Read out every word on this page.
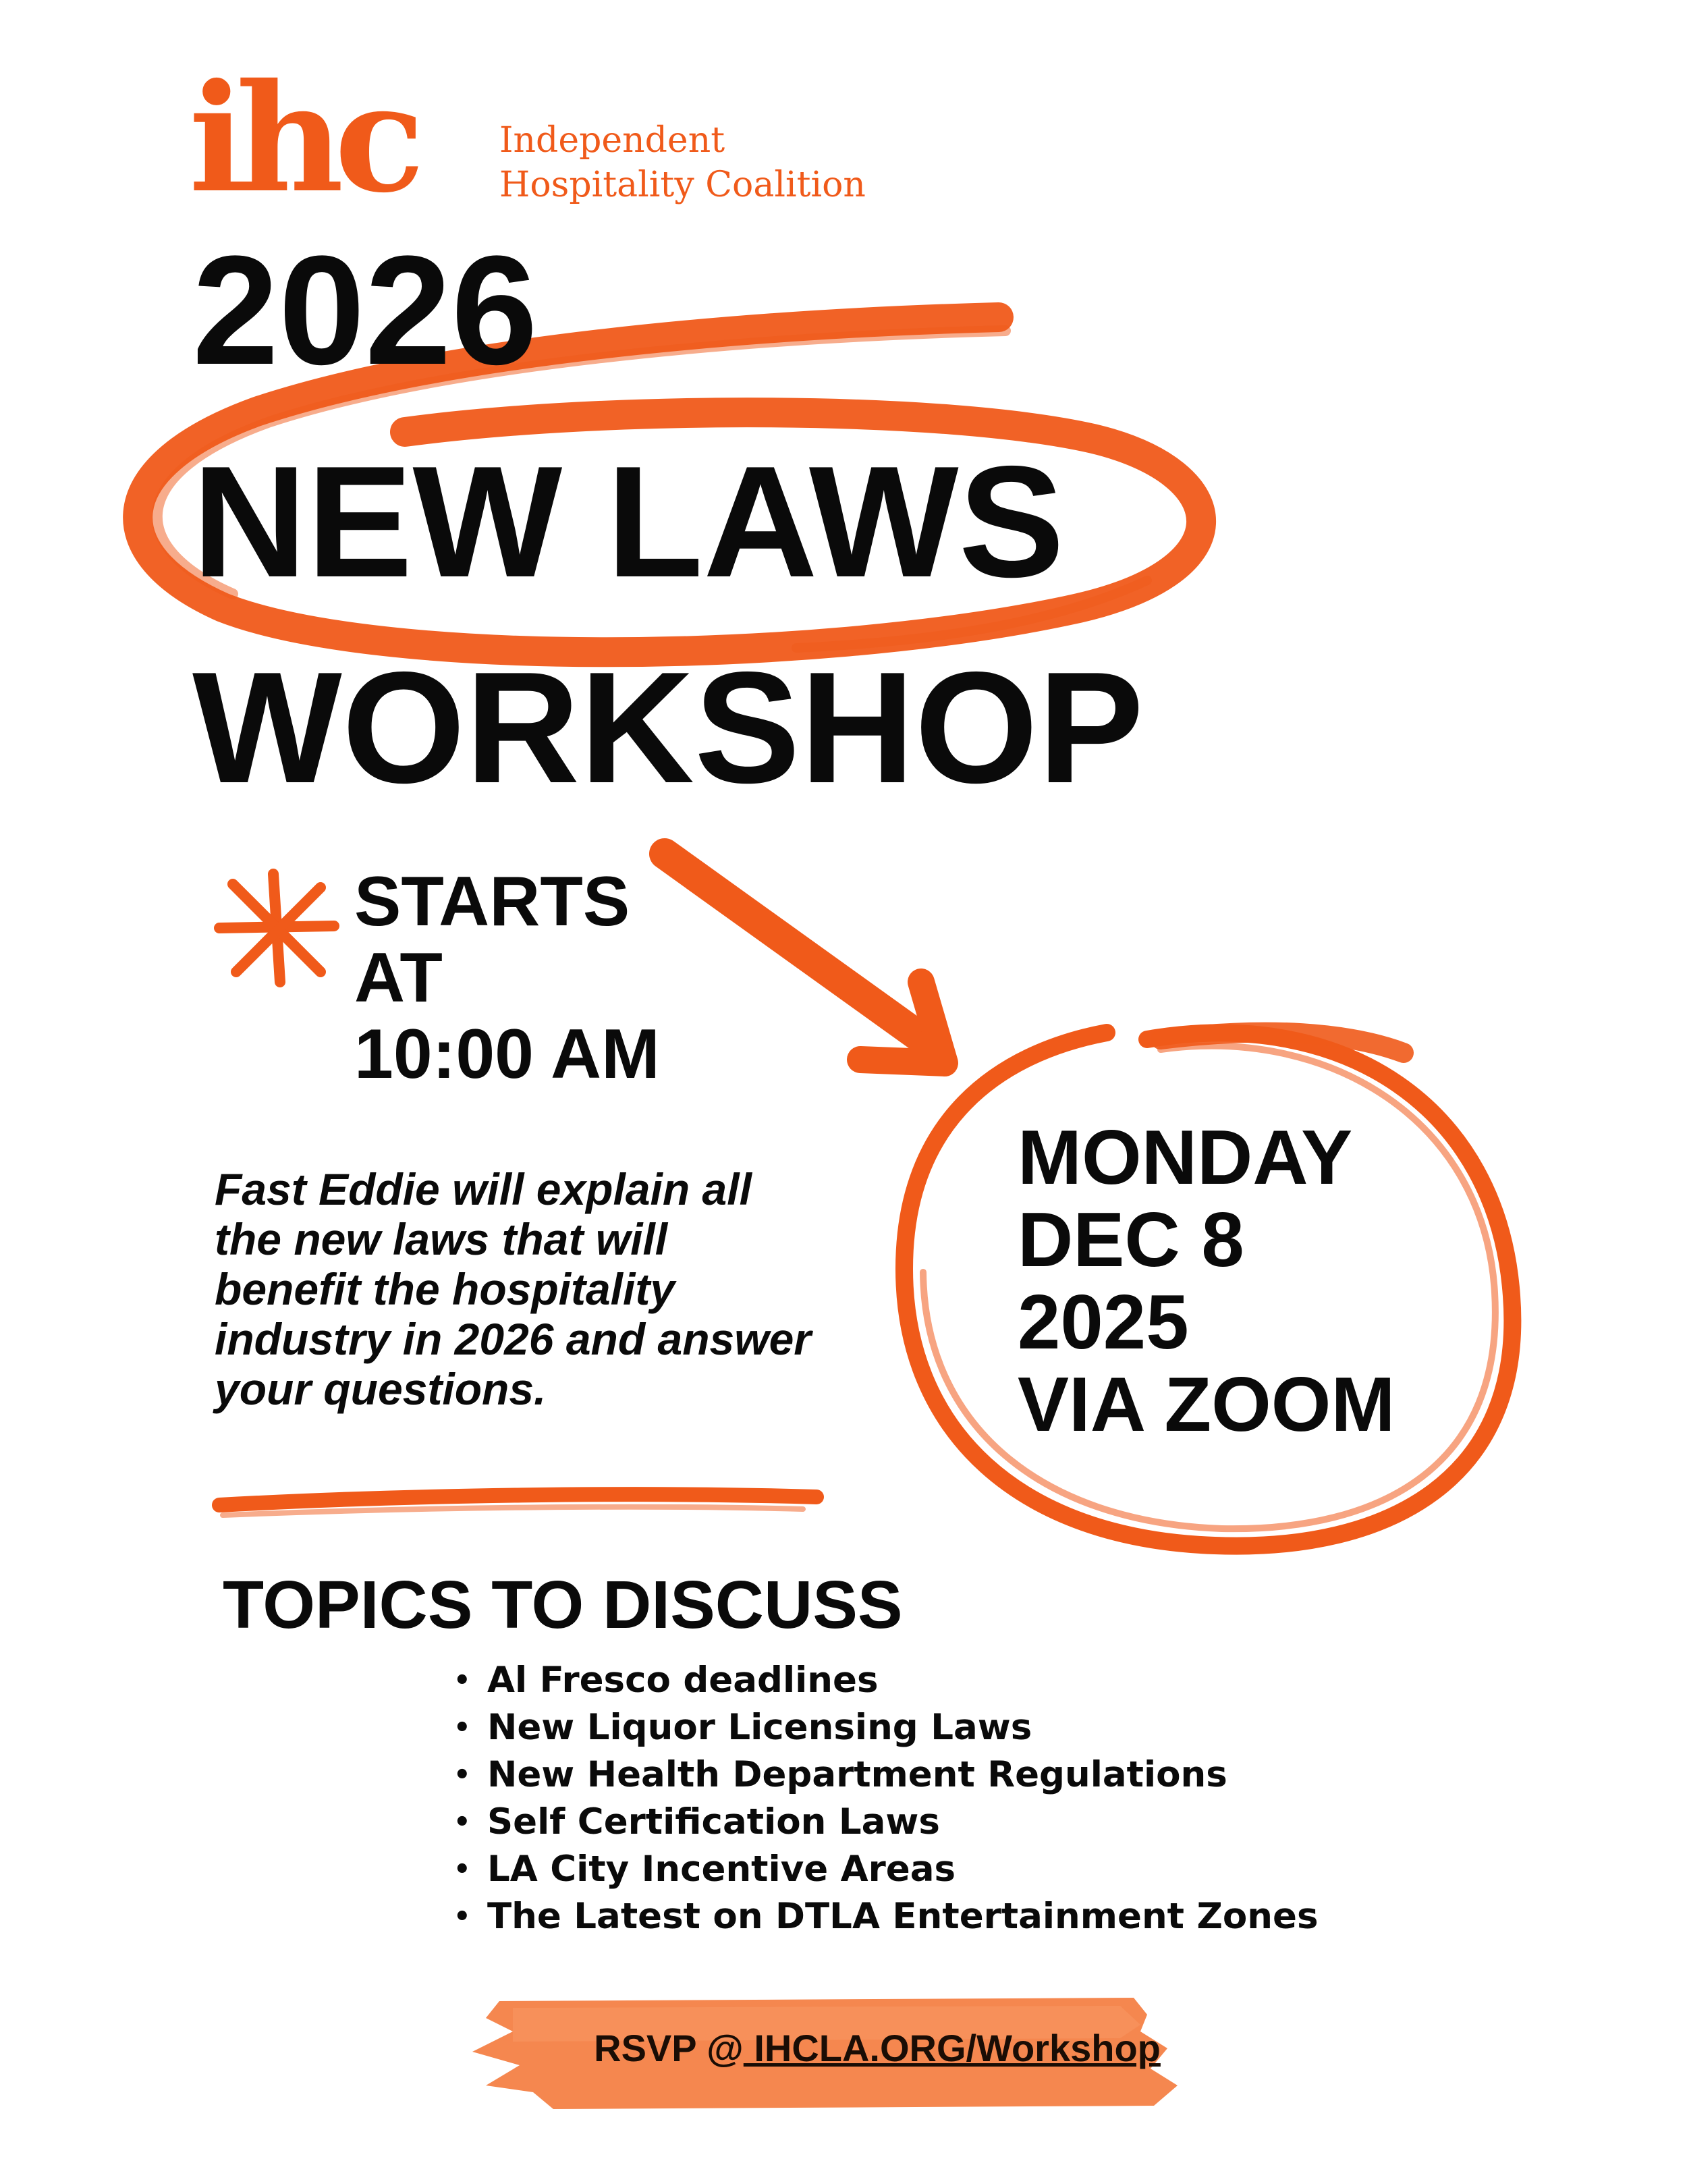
ihc Independent
Hospitality Coalition
2026
NEW LAWS
WORKSHOP
STARTS
AT
10:00 AM
Fast Eddie will explain all the new laws that will benefit the hospitality industry in 2026 and answer your questions.
MONDAY
DEC 8
2025
VIA ZOOM
TOPICS TO DISCUSS
• Al Fresco deadlines
• New Liquor Licensing Laws
• New Health Department Regulations
• Self Certification Laws
• LA City Incentive Areas
• The Latest on DTLA Entertainment Zones
RSVP @ IHCLA.ORG/Workshop
